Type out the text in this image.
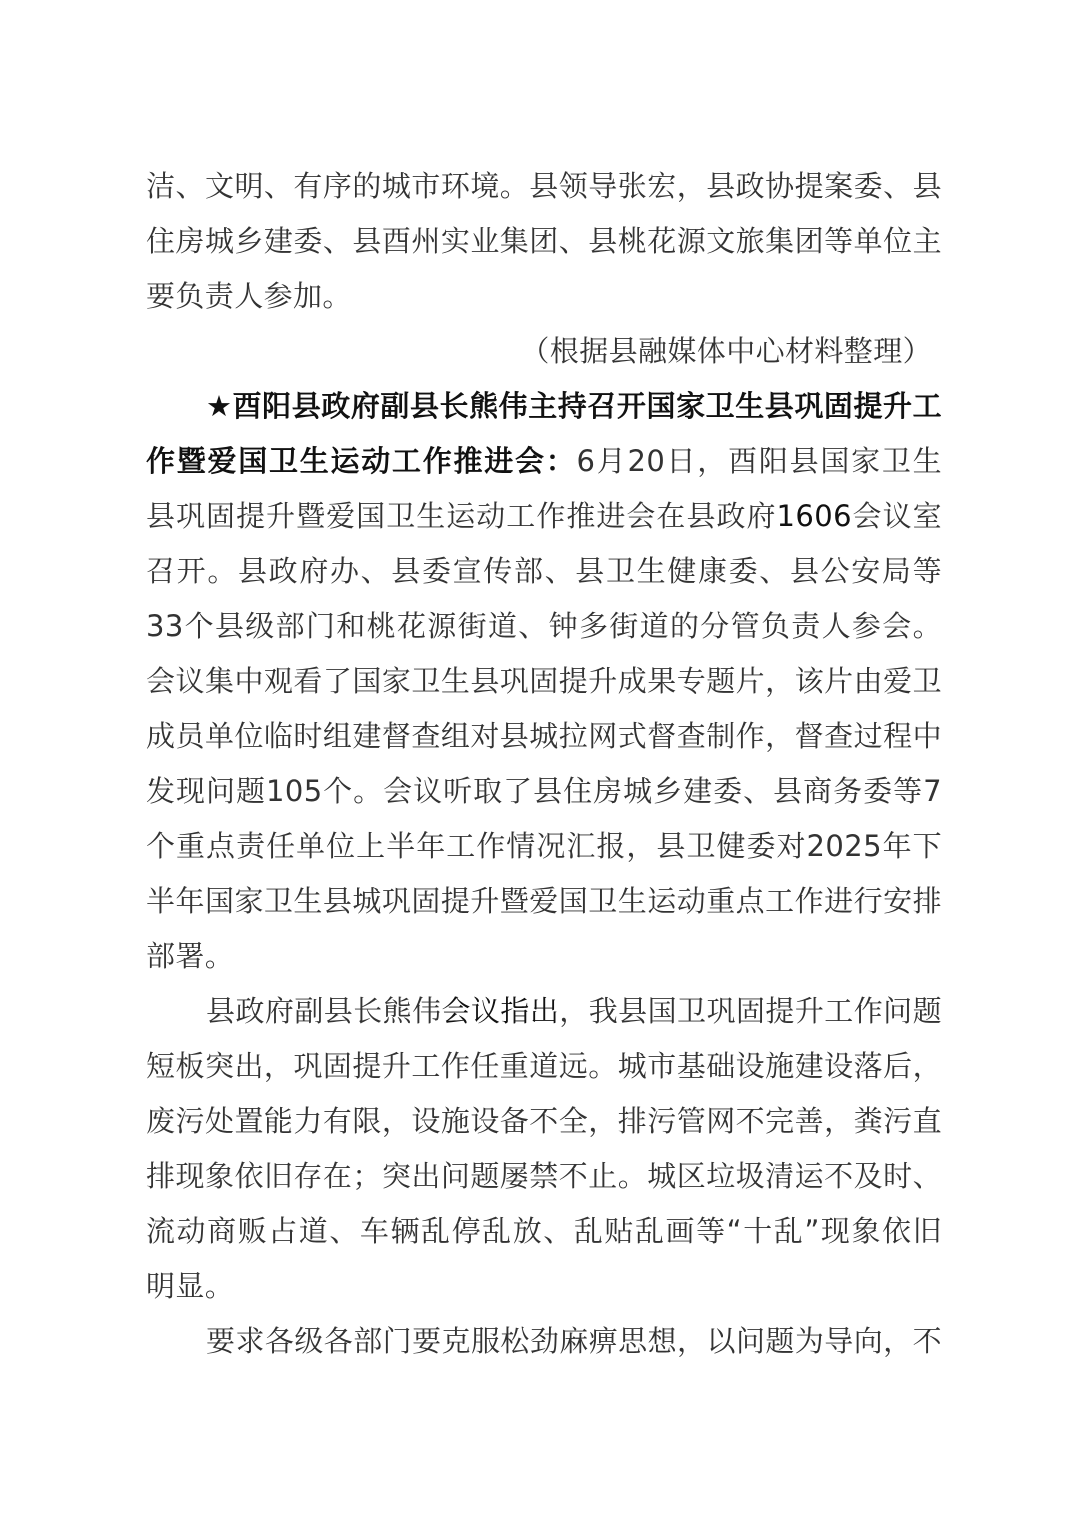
洁、文明、有序的城市环境。县领导张宏，县政协提案委、县
住房城乡建委、县酉州实业集团、县桃花源文旅集团等单位主
要负责人参加。
（根据县融媒体中心材料整理）
★酉阳县政府副县长熊伟主持召开国家卫生县巩固提升工
作暨爱国卫生运动工作推进会：6月20日，酉阳县国家卫生
县巩固提升暨爱国卫生运动工作推进会在县政府1606会议室
召开。县政府办、县委宣传部、县卫生健康委、县公安局等
33个县级部门和桃花源街道、钟多街道的分管负责人参会。
会议集中观看了国家卫生县巩固提升成果专题片，该片由爱卫
成员单位临时组建督查组对县城拉网式督查制作，督查过程中
发现问题105个。会议听取了县住房城乡建委、县商务委等7
个重点责任单位上半年工作情况汇报，县卫健委对2025年下
半年国家卫生县城巩固提升暨爱国卫生运动重点工作进行安排
部署。
县政府副县长熊伟会议指出，我县国卫巩固提升工作问题
短板突出，巩固提升工作任重道远。城市基础设施建设落后，
废污处置能力有限，设施设备不全，排污管网不完善，粪污直
排现象依旧存在；突出问题屡禁不止。城区垃圾清运不及时、
流动商贩占道、车辆乱停乱放、乱贴乱画等“十乱”现象依旧
明显。
要求各级各部门要克服松劲麻痹思想，以问题为导向，不
